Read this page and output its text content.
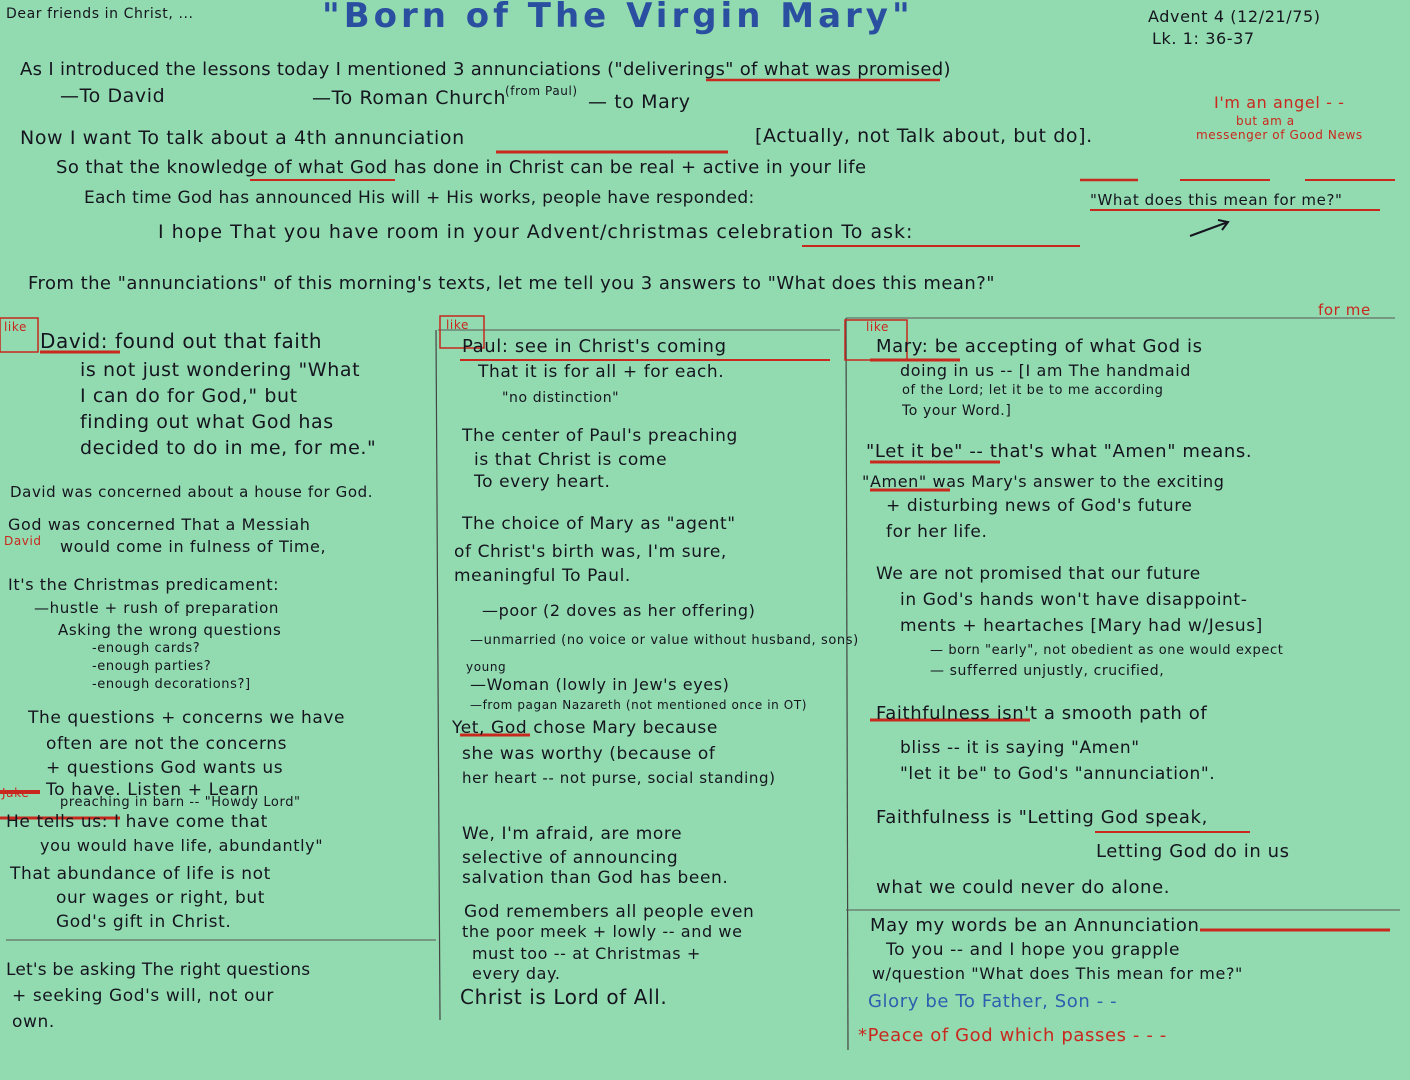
Dear friends in Christ, ...	"Born of The Virgin Mary"	Advent 4 (12/21/75)
Lk. 1: 36-37
As I introduced the lessons today I mentioned 3 annunciations ("deliverings" of what was promised)
—To David	—To Roman Church
(from Paul) — to Mary	I'm an angel - -
but am a
messenger of Good News
Now I want To talk about a 4th annunciation	[Actually, not Talk about, but do].
So that the knowledge of what God has done in Christ can be real + active in your life
Each time God has announced His will + His works, people have responded:	"What does this mean for me?"
I hope That you have room in your Advent/christmas celebration To ask:
From the "annunciations" of this morning's texts, let me tell you 3 answers to "What does this mean?"
for me
like
David: found out that faith
is not just wondering "What
I can do for God," but
finding out what God has
decided to do in me, for me."
David was concerned about a house for God.
God was concerned That a Messiah
David would come in fulness of Time,
It's the Christmas predicament:
—hustle + rush of preparation
Asking the wrong questions
-enough cards?
-enough parties?
-enough decorations?]
The questions + concerns we have
often are not the concerns
+ questions God wants us
To have. Listen + Learn
Jake
preaching in barn -- "Howdy Lord"
He tells us: I have come that
you would have life, abundantly"
That abundance of life is not
our wages or right, but
God's gift in Christ.
Let's be asking The right questions
+ seeking God's will, not our
own.
like
Paul: see in Christ's coming
That it is for all + for each.
"no distinction"
The center of Paul's preaching
is that Christ is come
To every heart.
The choice of Mary as "agent"
of Christ's birth was, I'm sure,
meaningful To Paul.
—poor (2 doves as her offering)
—unmarried (no voice or value without husband, sons)
young
—Woman (lowly in Jew's eyes)
—from pagan Nazareth (not mentioned once in OT)
Yet, God chose Mary because
she was worthy (because of
her heart -- not purse, social standing)
We, I'm afraid, are more
selective of announcing
salvation than God has been.
God remembers all people even
the poor meek + lowly -- and we
must too -- at Christmas +
every day.
Christ is Lord of All.
like
Mary: be accepting of what God is
doing in us -- [I am The handmaid
of the Lord; let it be to me according
To your Word.]
"Let it be" -- that's what "Amen" means.
"Amen" was Mary's answer to the exciting
+ disturbing news of God's future
for her life.
We are not promised that our future
in God's hands won't have disappoint-
ments + heartaches [Mary had w/Jesus]
— born "early", not obedient as one would expect
— sufferred unjustly, crucified,
Faithfulness isn't a smooth path of
bliss -- it is saying "Amen"
"let it be" to God's "annunciation".
Faithfulness is "Letting God speak,
Letting God do in us
what we could never do alone.
May my words be an Annunciation
To you -- and I hope you grapple
w/question "What does This mean for me?"
Glory be To Father, Son - -
*Peace of God which passes - - -
